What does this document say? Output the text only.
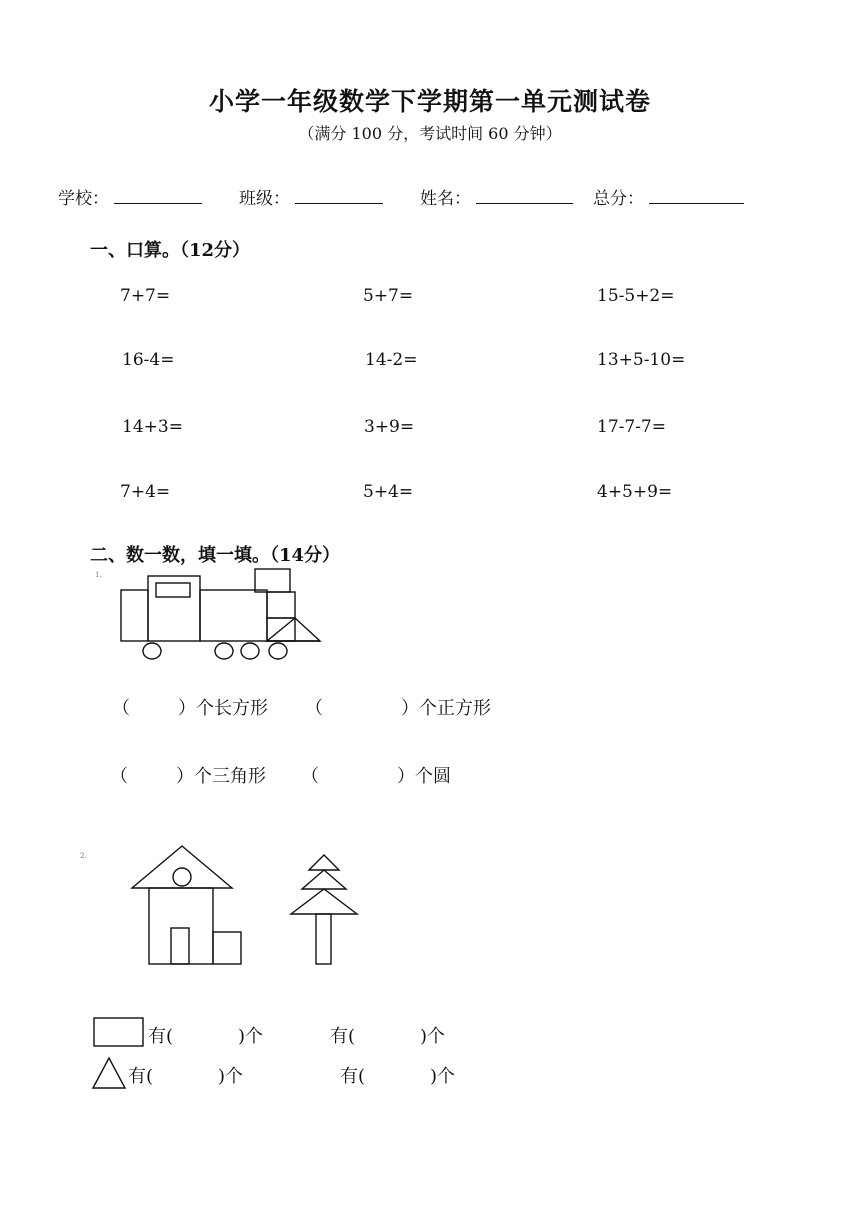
小学一年级数学下学期第一单元测试卷
（满分 100 分，考试时间 60 分钟）
学校：	班级：	姓名：	总分：
一、口算。（12分）
7+7=	5+7=	15-5+2=
16-4=	14-2=	13+5-10=
14+3=	3+9=	17-7-7=
7+4=	5+4=	4+5+9=
二、数一数，填一填。（14分）
1.
（	）个长方形 （	）个正方形
（	）个三角形 （	）个圆
2.
有(	)个	有(	)个
有(	)个	有(	)个
